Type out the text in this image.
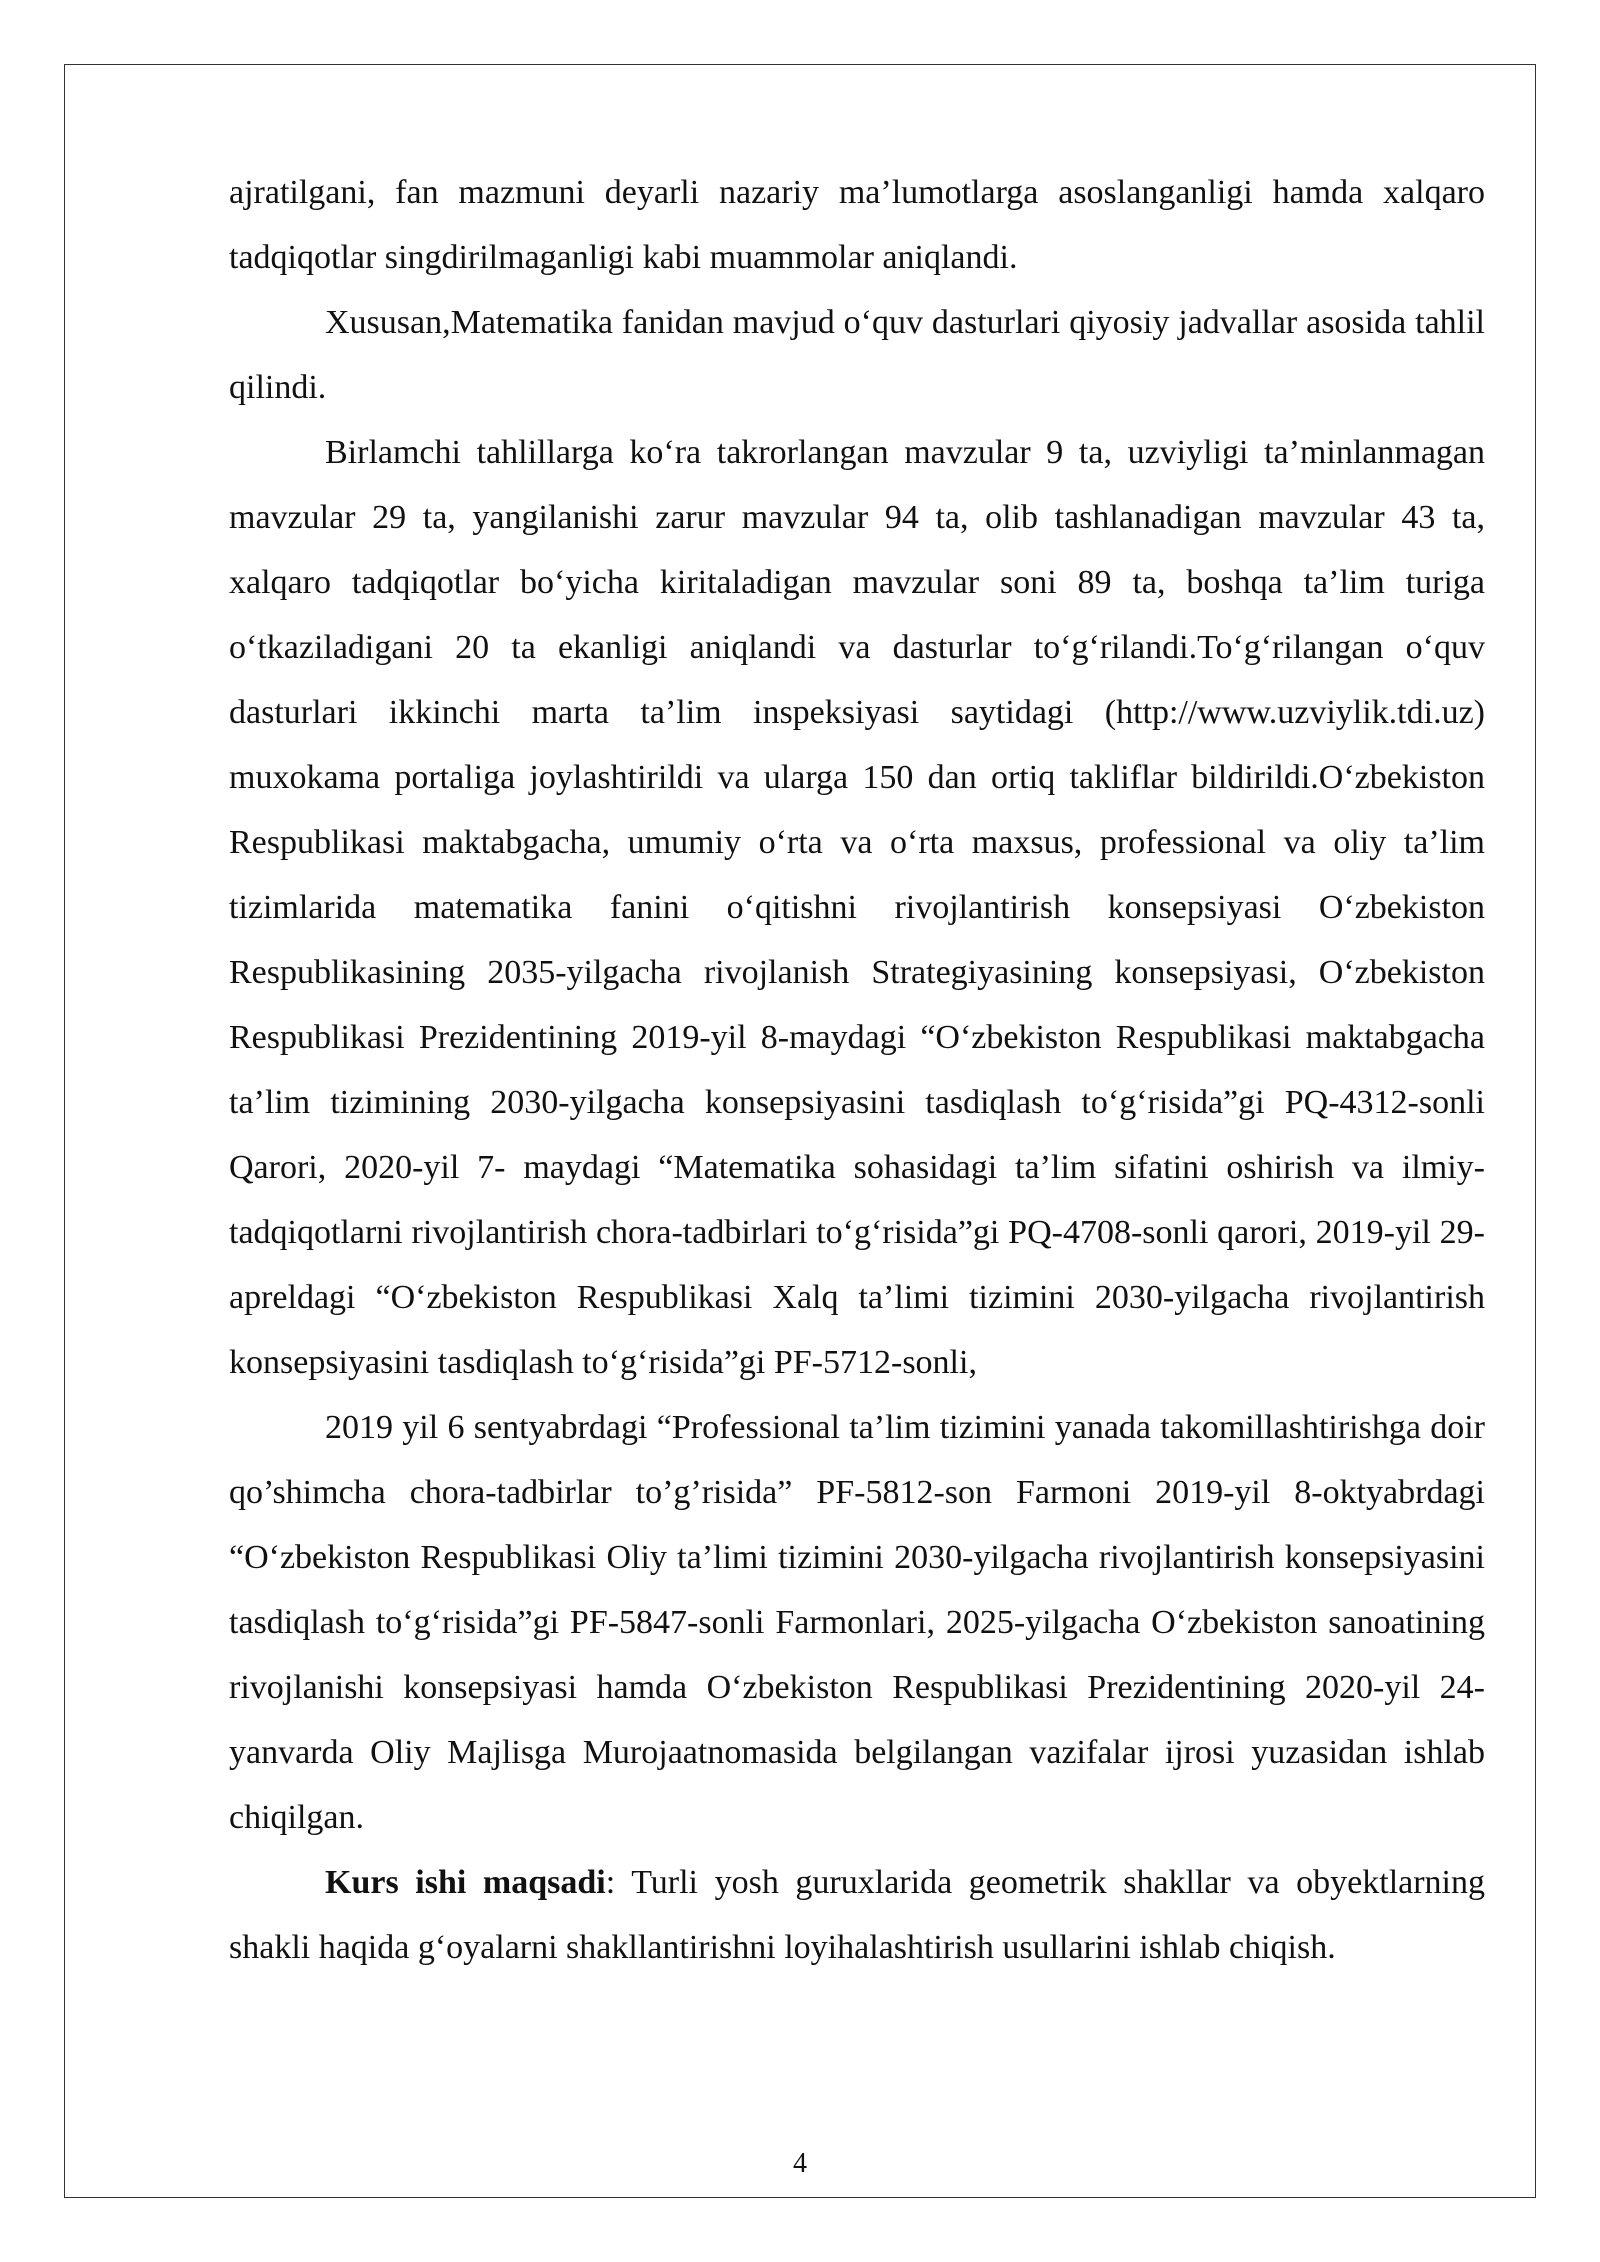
ajratilgani, fan mazmuni deyarli nazariy ma’lumotlarga asoslanganligi hamda xalqaro tadqiqotlar singdirilmaganligi kabi muammolar aniqlandi.

Xususan,Matematika fanidan mavjud o‘quv dasturlari qiyosiy jadvallar asosida tahlil qilindi.

Birlamchi tahlillarga ko‘ra takrorlangan mavzular 9 ta, uzviyligi ta’minlanmagan mavzular 29 ta, yangilanishi zarur mavzular 94 ta, olib tashlanadigan mavzular 43 ta, xalqaro tadqiqotlar bo‘yicha kiritaladigan mavzular soni 89 ta, boshqa ta’lim turiga o‘tkaziladigani 20 ta ekanligi aniqlandi va dasturlar to‘g‘rilandi.To‘g‘rilangan o‘quv dasturlari ikkinchi marta ta’lim inspeksiyasi saytidagi (http://www.uzviylik.tdi.uz) muxokama portaliga joylashtirildi va ularga 150 dan ortiq takliflar bildirildi.O‘zbekiston Respublikasi maktabgacha, umumiy o‘rta va o‘rta maxsus, professional va oliy ta’lim tizimlarida matematika fanini o‘qitishni rivojlantirish konsepsiyasi O‘zbekiston Respublikasining 2035-yilgacha rivojlanish Strategiyasining konsepsiyasi, O‘zbekiston Respublikasi Prezidentining 2019-yil 8-maydagi “O‘zbekiston Respublikasi maktabgacha ta’lim tizimining 2030-yilgacha konsepsiyasini tasdiqlash to‘g‘risida”gi PQ-4312-sonli Qarori, 2020-yil 7- maydagi “Matematika sohasidagi ta’lim sifatini oshirish va ilmiy-tadqiqotlarni rivojlantirish chora-tadbirlari to‘g‘risida”gi PQ-4708-sonli qarori, 2019-yil 29-apreldagi “O‘zbekiston Respublikasi Xalq ta’limi tizimini 2030-yilgacha rivojlantirish konsepsiyasini tasdiqlash to‘g‘risida”gi PF-5712-sonli,

2019 yil 6 sentyabrdagi “Professional ta’lim tizimini yanada takomillashtirishga doir qo’shimcha chora-tadbirlar to’g’risida” PF-5812-son Farmoni 2019-yil 8-oktyabrdagi “O‘zbekiston Respublikasi Oliy ta’limi tizimini 2030-yilgacha rivojlantirish konsepsiyasini tasdiqlash to‘g‘risida”gi PF-5847-sonli Farmonlari, 2025-yilgacha O‘zbekiston sanoatining rivojlanishi konsepsiyasi hamda O‘zbekiston Respublikasi Prezidentining 2020-yil 24-yanvarda Oliy Majlisga Murojaatnomasida belgilangan vazifalar ijrosi yuzasidan ishlab chiqilgan.

Kurs ishi maqsadi: Turli yosh guruxlarida geometrik shakllar va obyektlarning shakli haqida g‘oyalarni shakllantirishni loyihalashtirish usullarini ishlab chiqish.

4
